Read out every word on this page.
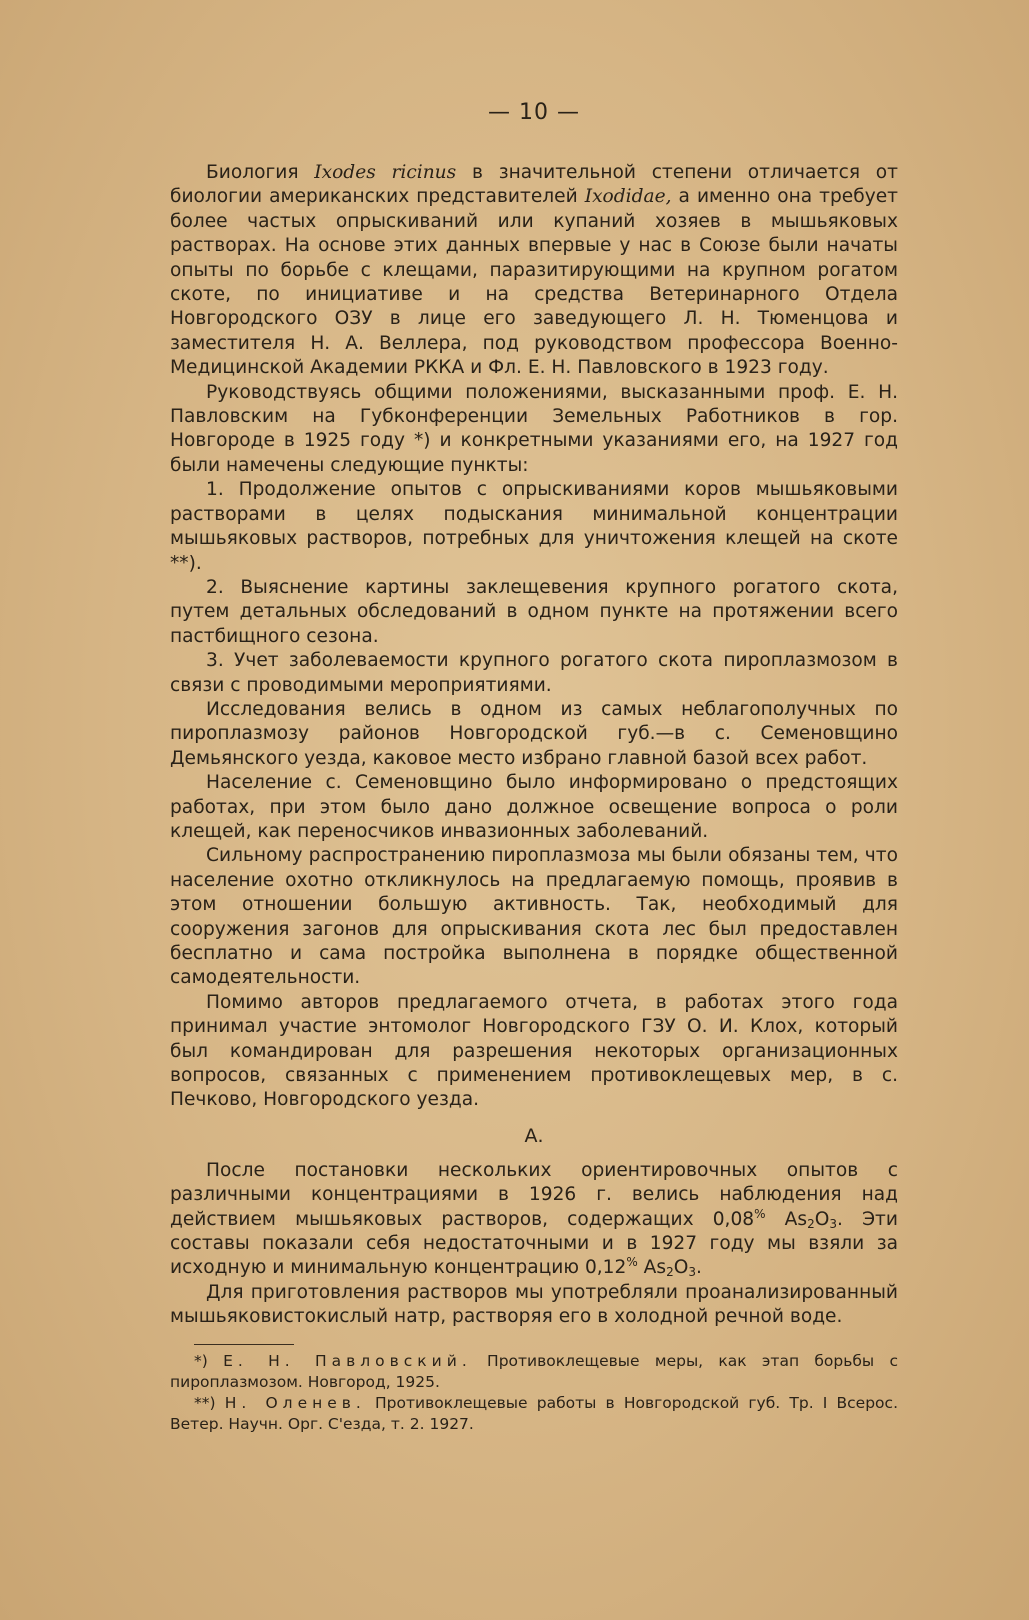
— 10 —

Биология Ixodes ricinus в значительной степени отличается от биологии американских представителей Ixodidae, а именно она требует более частых опрыскиваний или купаний хозяев в мышьяковых растворах. На основе этих данных впервые у нас в Союзе были начаты опыты по борьбе с клещами, паразитирующими на крупном рогатом скоте, по инициативе и на средства Ветеринарного Отдела Новгородского ОЗУ в лице его заведующего Л. Н. Тюменцова и заместителя Н. А. Веллера, под руководством профессора Военно-Медицинской Академии РККА и Фл. Е. Н. Павловского в 1923 году.

Руководствуясь общими положениями, высказанными проф. Е. Н. Павловским на Губконференции Земельных Работников в гор. Новгороде в 1925 году *) и конкретными указаниями его, на 1927 год были намечены следующие пункты:

1. Продолжение опытов с опрыскиваниями коров мышьяковыми растворами в целях подыскания минимальной концентрации мышьяковых растворов, потребных для уничтожения клещей на скоте **).

2. Выяснение картины заклещевения крупного рогатого скота, путем детальных обследований в одном пункте на протяжении всего пастбищного сезона.

3. Учет заболеваемости крупного рогатого скота пироплазмозом в связи с проводимыми мероприятиями.

Исследования велись в одном из самых неблагополучных по пироплазмозу районов Новгородской губ.—в с. Семеновщино Демьянского уезда, каковое место избрано главной базой всех работ.

Население с. Семеновщино было информировано о предстоящих работах, при этом было дано должное освещение вопроса о роли клещей, как переносчиков инвазионных заболеваний.

Сильному распространению пироплазмоза мы были обязаны тем, что население охотно откликнулось на предлагаемую помощь, проявив в этом отношении большую активность. Так, необходимый для сооружения загонов для опрыскивания скота лес был предоставлен бесплатно и сама постройка выполнена в порядке общественной самодеятельности.

Помимо авторов предлагаемого отчета, в работах этого года принимал участие энтомолог Новгородского ГЗУ О. И. Клох, который был командирован для разрешения некоторых организационных вопросов, связанных с применением противоклещевых мер, в с. Печково, Новгородского уезда.

А.

После постановки нескольких ориентировочных опытов с различными концентрациями в 1926 г. велись наблюдения над действием мышьяковых растворов, содержащих 0,08% $As_2O_3$. Эти составы показали себя недостаточными и в 1927 году мы взяли за исходную и минимальную концентрацию 0,12% $As_2O_3$.

Для приготовления растворов мы употребляли проанализированный мышьяковистокислый натр, растворяя его в холодной речной воде.

*) Е. Н. Павловский. Противоклещевые меры, как этап борьбы с пироплазмозом. Новгород, 1925.

**) Н. Оленев. Противоклещевые работы в Новгородской губ. Тр. I Всерос. Ветер. Научн. Орг. С'езда, т. 2. 1927.
